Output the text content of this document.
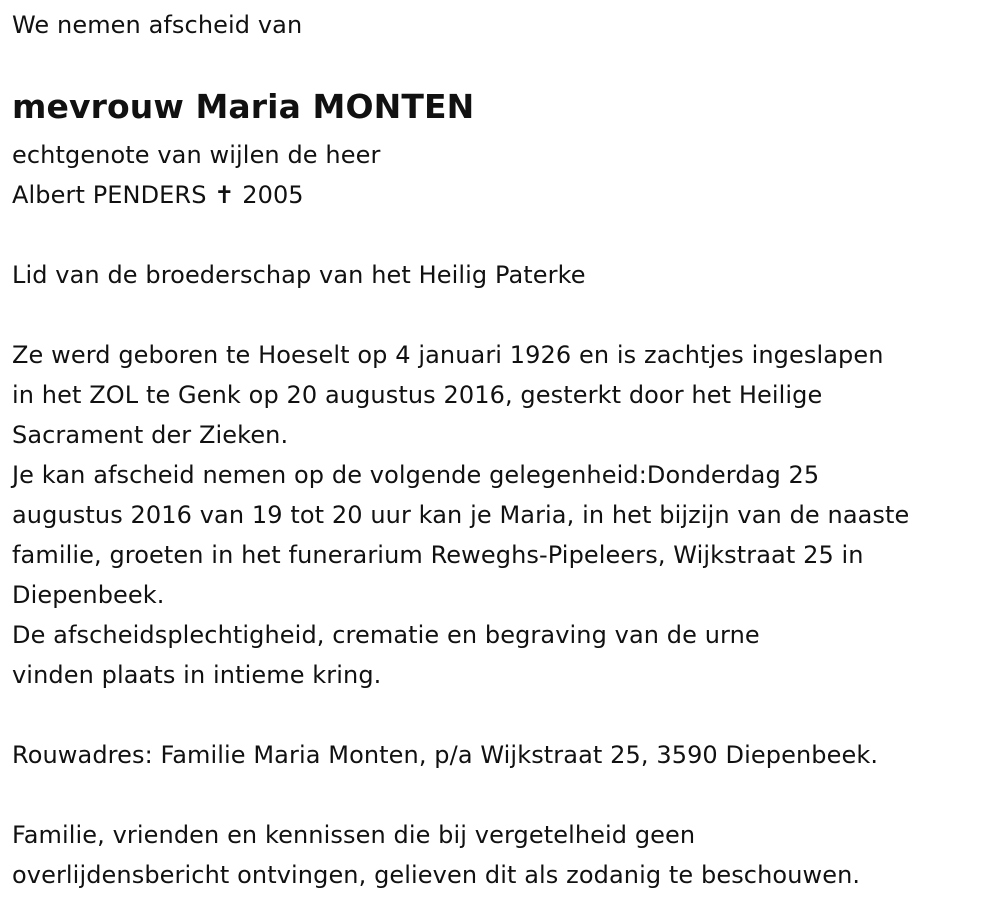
We nemen afscheid van
mevrouw Maria MONTEN
echtgenote van wijlen de heer
Albert PENDERS ✝ 2005
Lid van de broederschap van het Heilig Paterke
Ze werd geboren te Hoeselt op 4 januari 1926 en is zachtjes ingeslapen
in het ZOL te Genk op 20 augustus 2016, gesterkt door het Heilige
Sacrament der Zieken.
Je kan afscheid nemen op de volgende gelegenheid:Donderdag 25
augustus 2016 van 19 tot 20 uur kan je Maria, in het bijzijn van de naaste
familie, groeten in het funerarium Reweghs-Pipeleers, Wijkstraat 25 in
Diepenbeek.
De afscheidsplechtigheid, crematie en begraving van de urne
vinden plaats in intieme kring.
Rouwadres: Familie Maria Monten, p/a Wijkstraat 25, 3590 Diepenbeek.
Familie, vrienden en kennissen die bij vergetelheid geen
overlijdensbericht ontvingen, gelieven dit als zodanig te beschouwen.
